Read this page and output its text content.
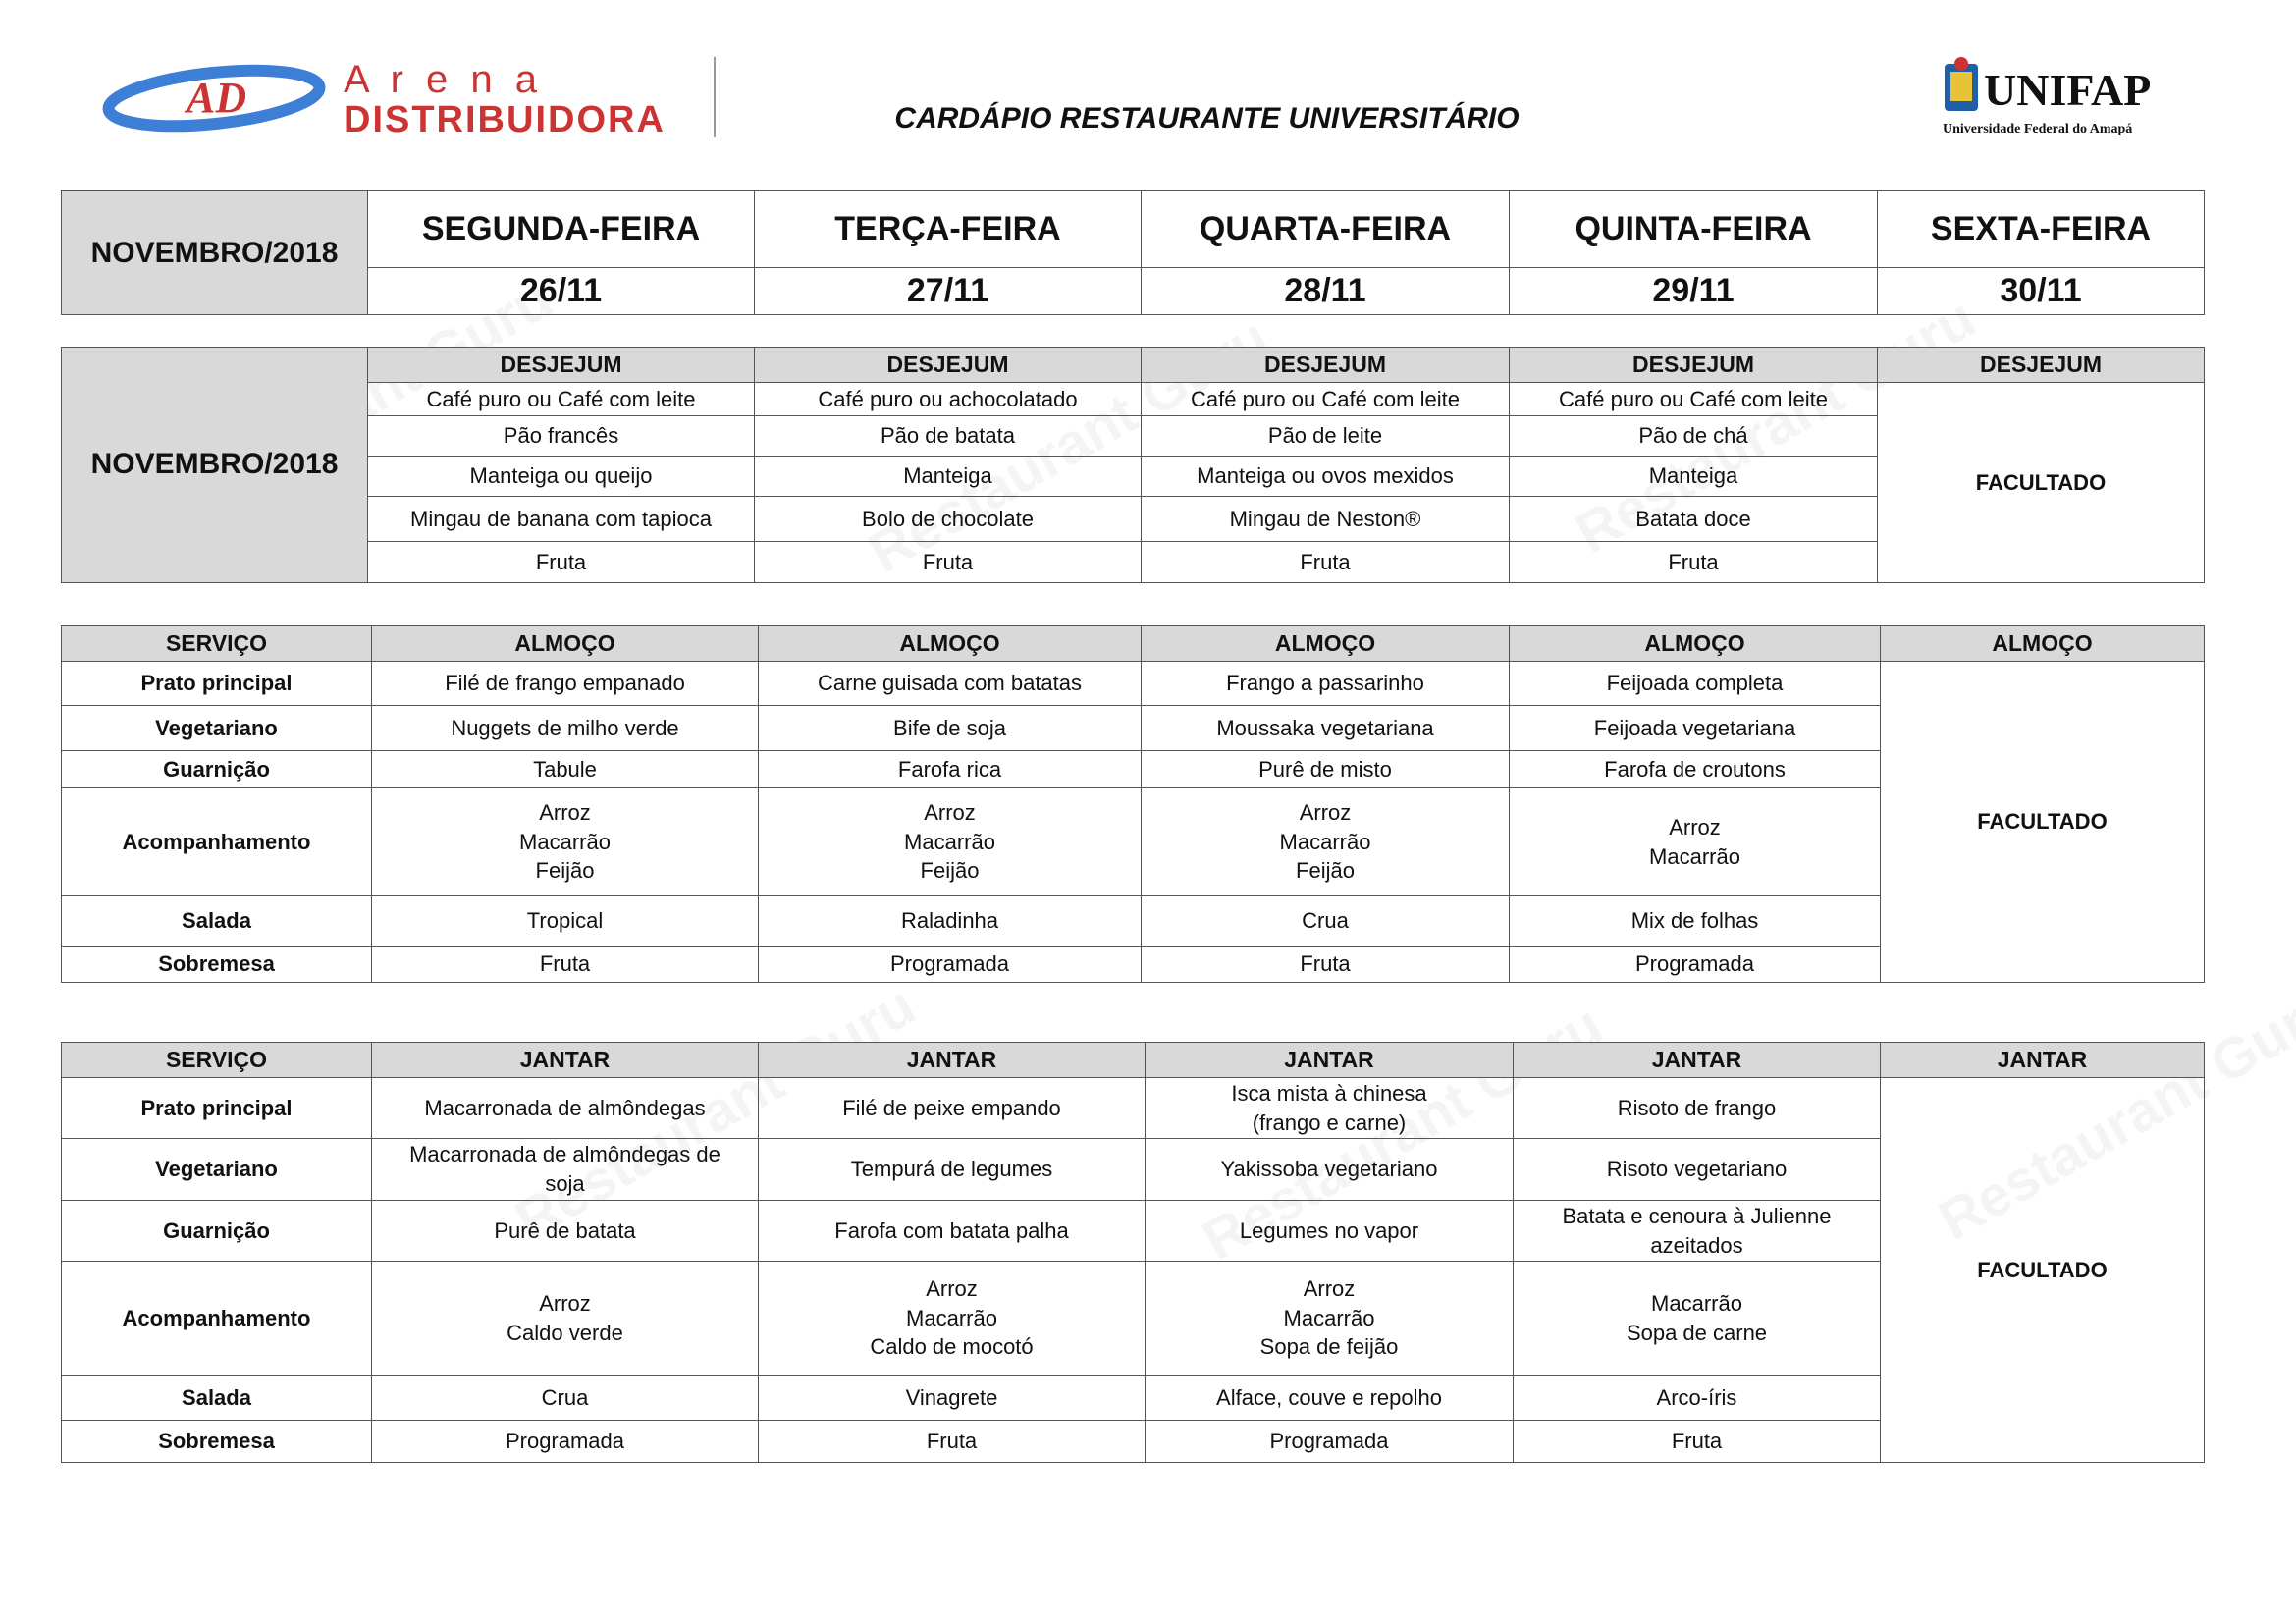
AD A r e n a
DISTRIBUIDORA
UNIFAP
Universidade Federal do Amapá
CARDÁPIO RESTAURANTE UNIVERSITÁRIO
NOVEMBRO/2018	SEGUNDA-FEIRA	TERÇA-FEIRA	QUARTA-FEIRA	QUINTA-FEIRA	SEXTA-FEIRA
	26/11	27/11	28/11	29/11	30/11
NOVEMBRO/2018	DESJEJUM	DESJEJUM	DESJEJUM	DESJEJUM	DESJEJUM
	Café puro ou Café com leite	Café puro ou achocolatado	Café puro ou Café com leite	Café puro ou Café com leite	FACULTADO
	Pão francês	Pão de batata	Pão de leite	Pão de chá	
	Manteiga ou queijo	Manteiga	Manteiga ou ovos mexidos	Manteiga	
	Mingau de banana com tapioca	Bolo de chocolate	Mingau de Neston®	Batata doce	
	Fruta	Fruta	Fruta	Fruta	
SERVIÇO	ALMOÇO	ALMOÇO	ALMOÇO	ALMOÇO	ALMOÇO
Prato principal	Filé de frango empanado	Carne guisada com batatas	Frango a passarinho	Feijoada completa	FACULTADO
Vegetariano	Nuggets de milho verde	Bife de soja	Moussaka vegetariana	Feijoada vegetariana	
Guarnição	Tabule	Farofa rica	Purê de misto	Farofa de croutons	
Acompanhamento	Arroz
Macarrão
Feijão	Arroz
Macarrão
Feijão	Arroz
Macarrão
Feijão	Arroz
Macarrão	

Salada	Tropical	Raladinha	Crua	Mix de folhas	
Sobremesa	Fruta	Programada	Fruta	Programada	
SERVIÇO	JANTAR	JANTAR	JANTAR	JANTAR	JANTAR
Prato principal	Macarronada de almôndegas	Filé de peixe empando	Isca mista à chinesa
(frango e carne)	Risoto de frango	FACULTADO
Vegetariano	Macarronada de almôndegas de
soja	Tempurá de legumes	Yakissoba vegetariano	Risoto vegetariano	

Guarnição	Purê de batata	Farofa com batata palha	Legumes no vapor	Batata e cenoura à Julienne
azeitados	

Acompanhamento	Arroz
Caldo verde	Arroz
Macarrão
Caldo de mocotó	Arroz
Macarrão
Sopa de feijão	Macarrão
Sopa de carne	

Salada	Crua	Vinagrete	Alface, couve e repolho	Arco-íris	

Sobremesa	Programada	Fruta	Programada	Fruta	
